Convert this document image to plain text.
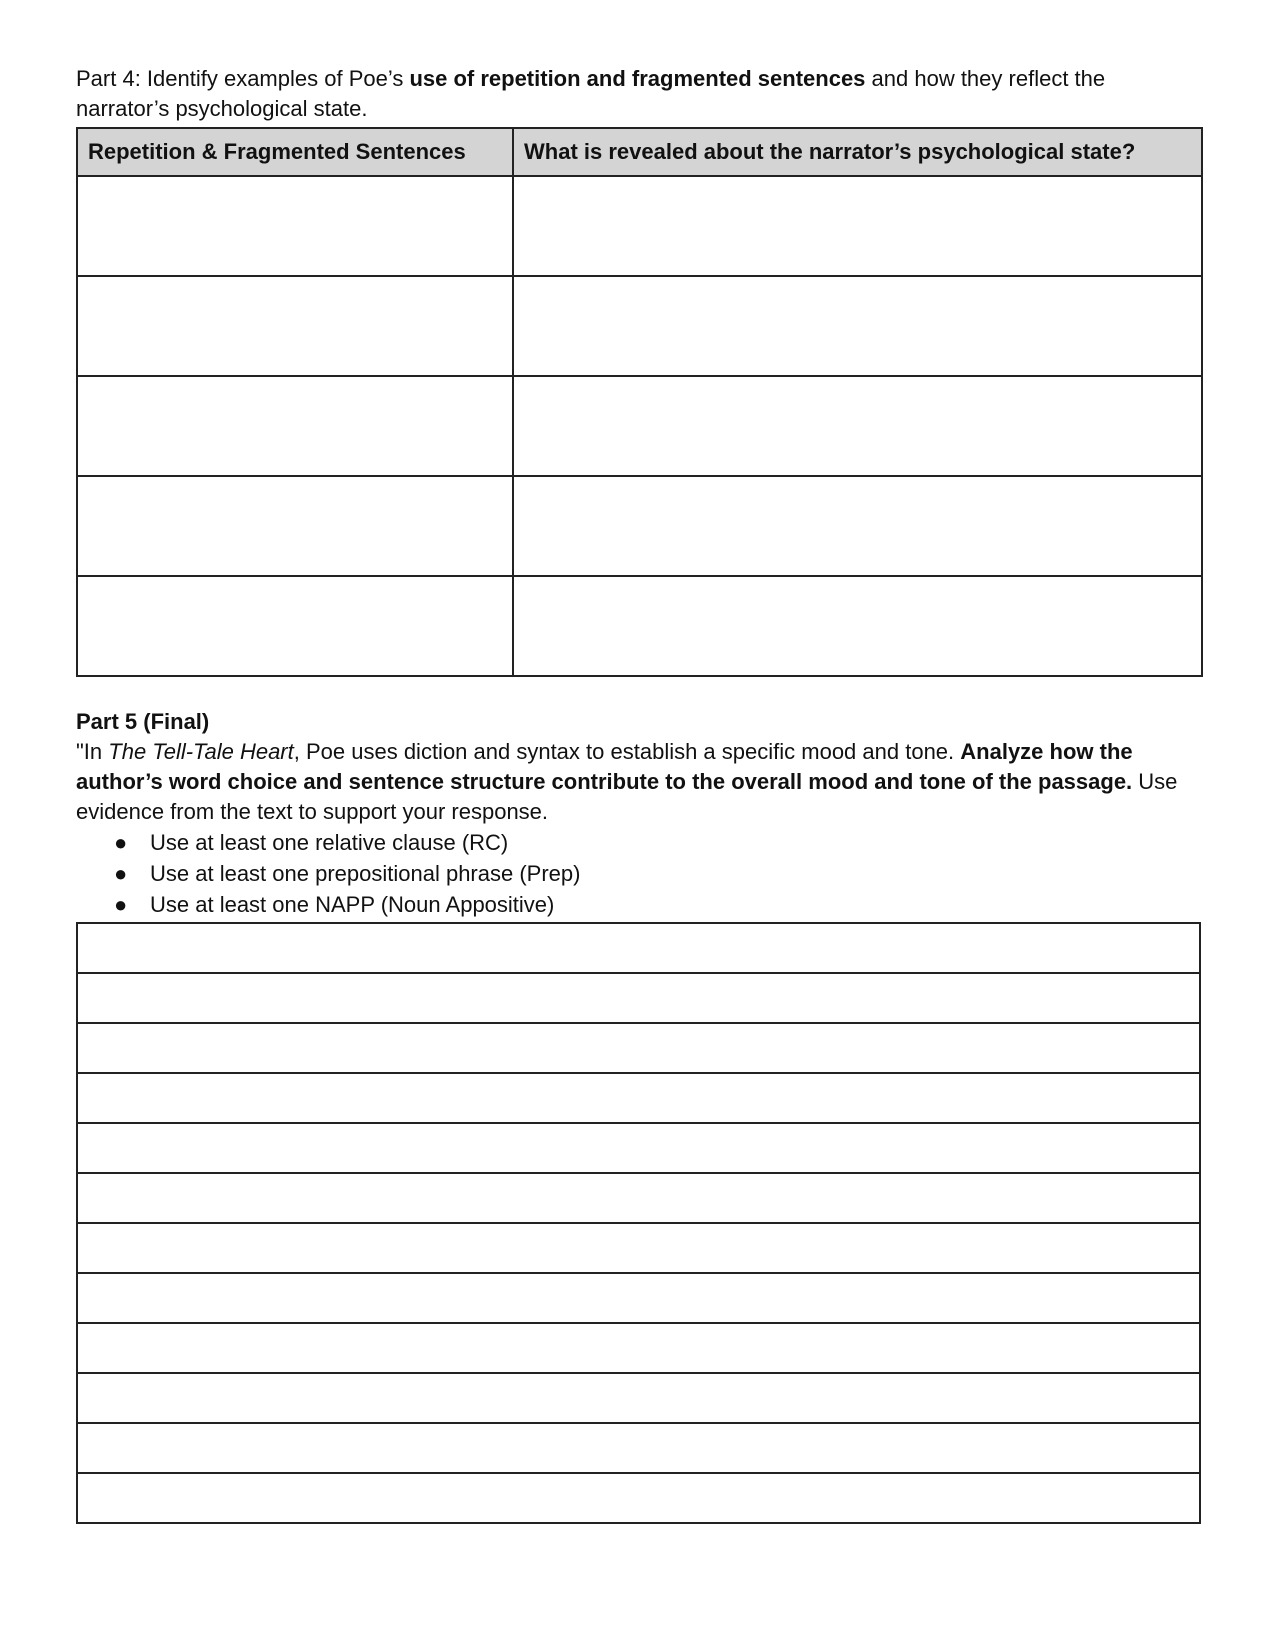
Part 4: Identify examples of Poe’s use of repetition and fragmented sentences and how they reflect the narrator’s psychological state.

Repetition & Fragmented Sentences	What is revealed about the narrator’s psychological state?

Part 5 (Final)

"In The Tell-Tale Heart, Poe uses diction and syntax to establish a specific mood and tone. Analyze how the author’s word choice and sentence structure contribute to the overall mood and tone of the passage. Use evidence from the text to support your response.

● Use at least one relative clause (RC)
● Use at least one prepositional phrase (Prep)
● Use at least one NAPP (Noun Appositive)
